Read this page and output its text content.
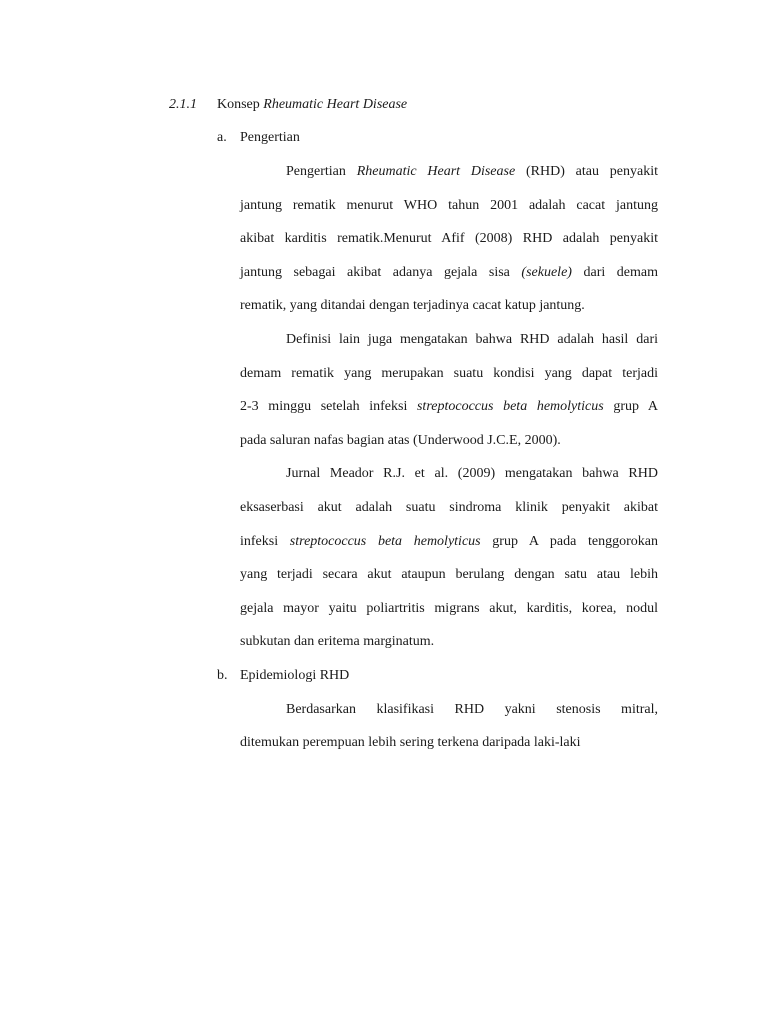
2.1.1 Konsep Rheumatic Heart Disease
a. Pengertian
Pengertian Rheumatic Heart Disease (RHD) atau penyakit
jantung rematik menurut WHO tahun 2001 adalah cacat jantung
akibat karditis rematik.Menurut Afif (2008) RHD adalah penyakit
jantung sebagai akibat adanya gejala sisa (sekuele) dari demam
rematik, yang ditandai dengan terjadinya cacat katup jantung.
Definisi lain juga mengatakan bahwa RHD adalah hasil dari
demam rematik yang merupakan suatu kondisi yang dapat terjadi
2-3 minggu setelah infeksi streptococcus beta hemolyticus grup A
pada saluran nafas bagian atas (Underwood J.C.E, 2000).
Jurnal Meador R.J. et al. (2009) mengatakan bahwa RHD
eksaserbasi akut adalah suatu sindroma klinik penyakit akibat
infeksi streptococcus beta hemolyticus grup A pada tenggorokan
yang terjadi secara akut ataupun berulang dengan satu atau lebih
gejala mayor yaitu poliartritis migrans akut, karditis, korea, nodul
subkutan dan eritema marginatum.
b. Epidemiologi RHD
Berdasarkan klasifikasi RHD yakni stenosis mitral,
ditemukan perempuan lebih sering terkena daripada laki-laki
